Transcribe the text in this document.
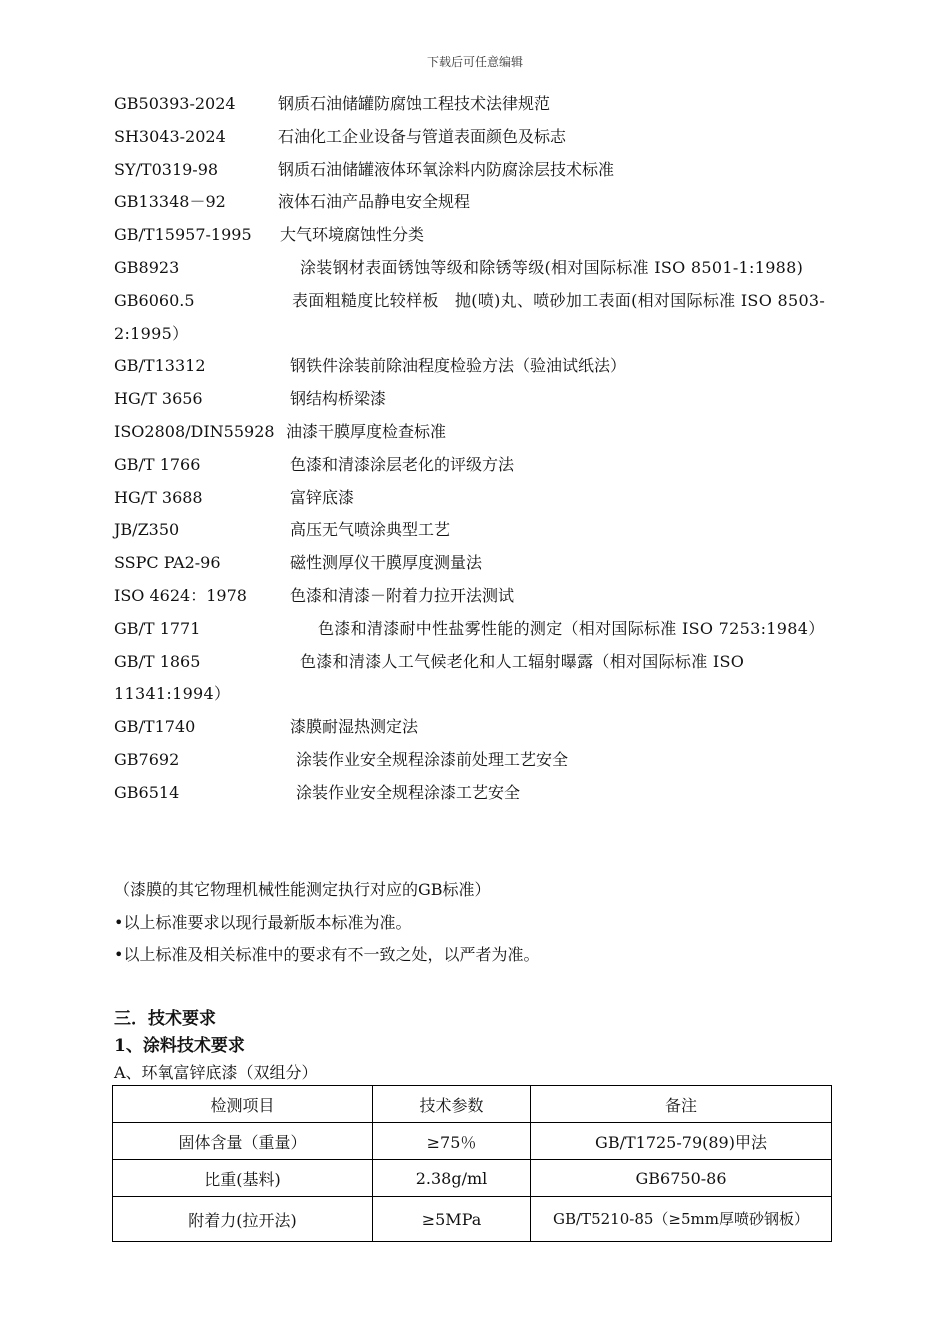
下载后可任意编辑
GB50393-2024	钢质石油储罐防腐蚀工程技术法律规范
SH3043-2024	石油化工企业设备与管道表面颜色及标志
SY/T0319-98	钢质石油储罐液体环氧涂料内防腐涂层技术标准
GB13348－92	液体石油产品静电安全规程
GB/T15957-1995	大气环境腐蚀性分类
GB8923	涂装钢材表面锈蚀等级和除锈等级(相对国际标准 ISO 8501-1:1988)
GB6060.5	表面粗糙度比较样板　抛(喷)丸、喷砂加工表面(相对国际标准 ISO 8503-2:1995）
GB/T13312	钢铁件涂装前除油程度检验方法（验油试纸法）
HG/T 3656	钢结构桥梁漆
ISO2808/DIN55928 油漆干膜厚度检查标准
GB/T 1766	色漆和清漆涂层老化的评级方法
HG/T 3688	富锌底漆
JB/Z350	高压无气喷涂典型工艺
SSPC PA2-96	磁性测厚仪干膜厚度测量法
ISO 4624：1978	色漆和清漆－附着力拉开法测试
GB/T 1771	色漆和清漆耐中性盐雾性能的测定（相对国际标准 ISO 7253:1984）
GB/T 1865	色漆和清漆人工气候老化和人工辐射曝露（相对国际标准 ISO 11341:1994）
GB/T1740	漆膜耐湿热测定法
GB7692	涂装作业安全规程涂漆前处理工艺安全
GB6514	涂装作业安全规程涂漆工艺安全
（漆膜的其它物理机械性能测定执行对应的GB标准）
•以上标准要求以现行最新版本标准为准。
•以上标准及相关标准中的要求有不一致之处，以严者为准。
三．技术要求
1、涂料技术要求
A、环氧富锌底漆（双组分）
检测项目	技术参数	备注
固体含量（重量）	≥75％	GB/T1725-79(89)甲法
比重(基料)	2.38g/ml	GB6750-86
附着力(拉开法)	≥5MPa	GB/T5210-85（≥5mm厚喷砂钢板）
